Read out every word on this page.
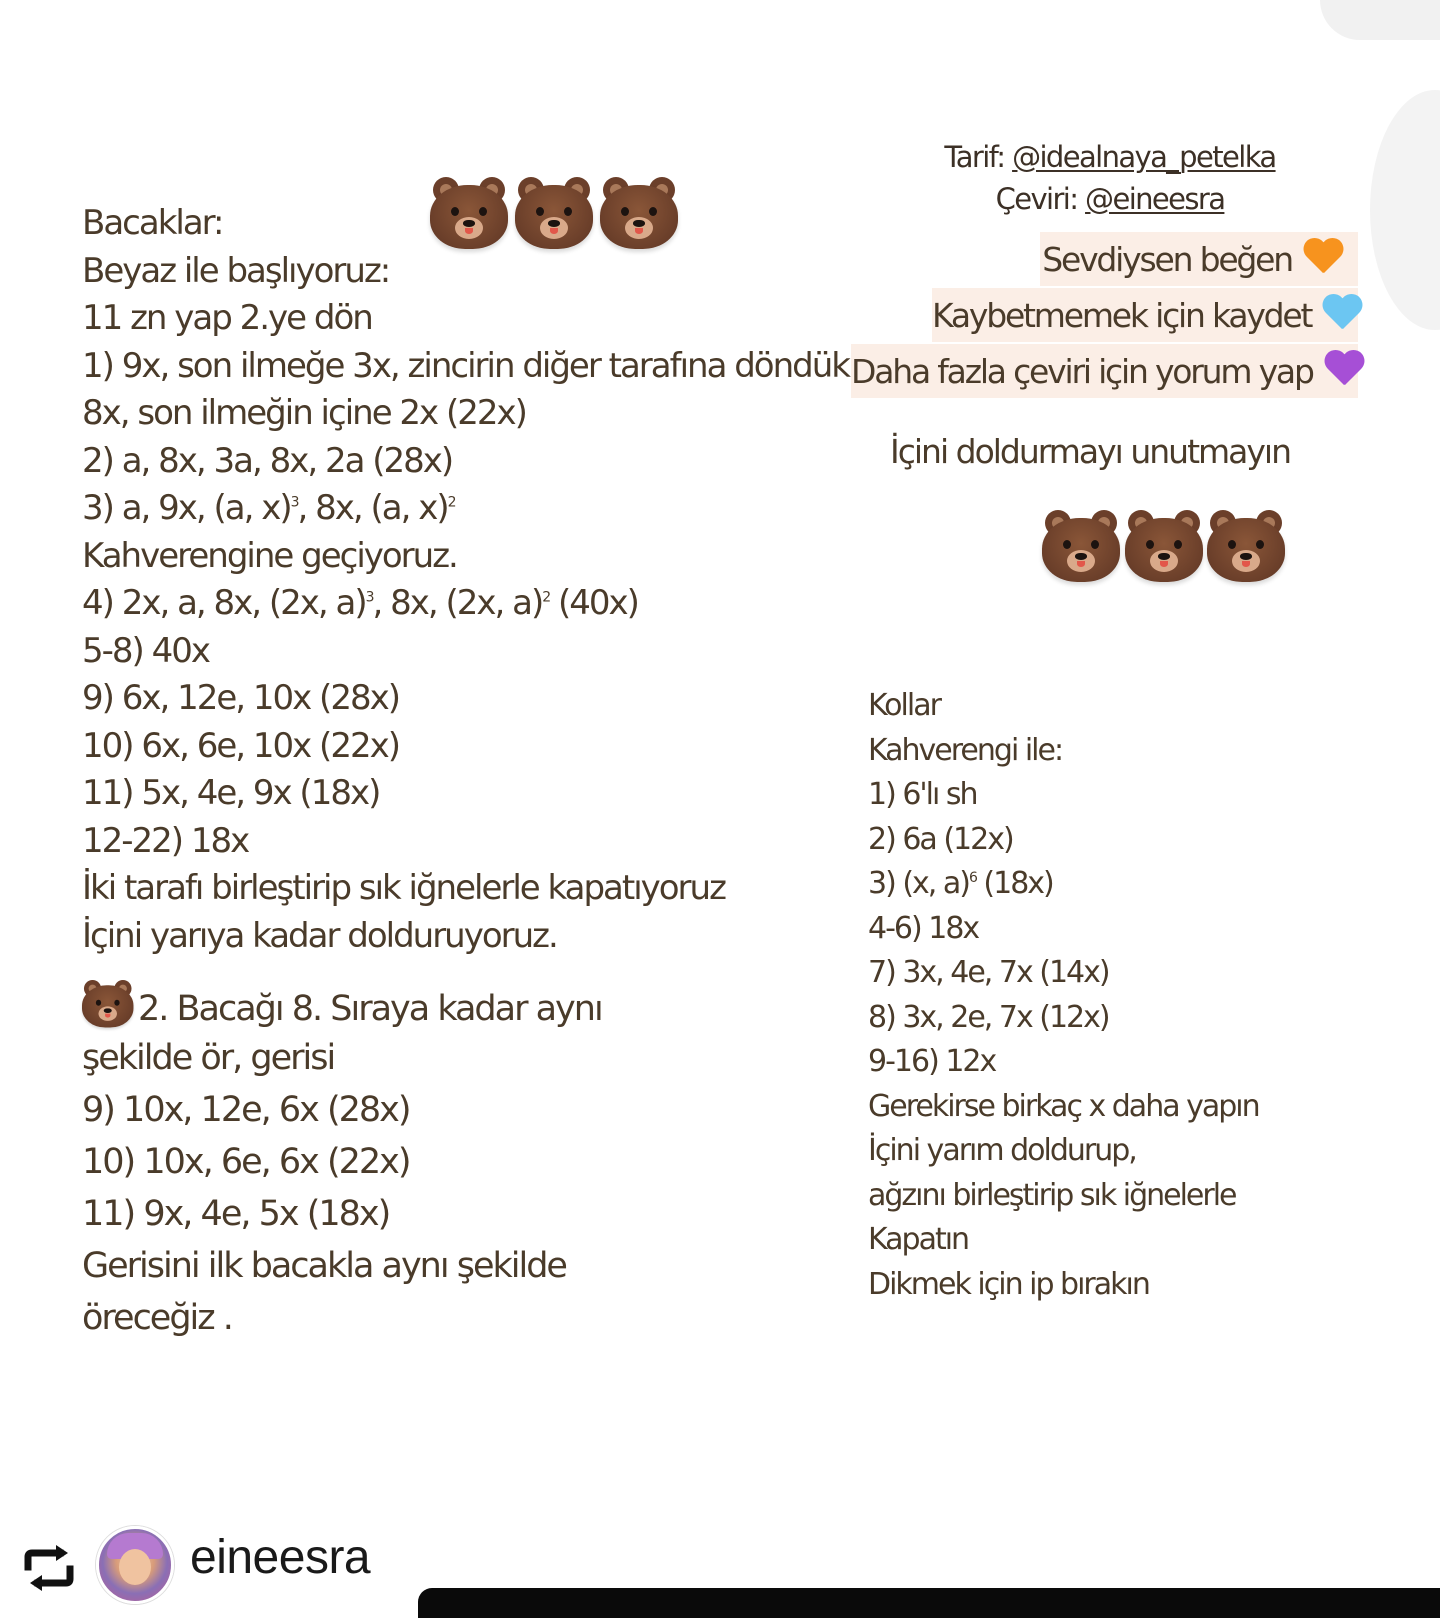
Bacaklar:
Beyaz ile başlıyoruz:
11 zn yap 2.ye dön
1) 9x, son ilmeğe 3x, zincirin diğer tarafına döndük
8x, son ilmeğin içine 2x (22x)
2) a, 8x, 3a, 8x, 2a (28x)
3) a, 9x, (a, x)$^3$, 8x, (a, x)$^2$
Kahverengine geçiyoruz.
4) 2x, a, 8x, (2x, a)$^3$, 8x, (2x, a)$^2$ (40x)
5-8) 40x
9) 6x, 12e, 10x (28x)
10) 6x, 6e, 10x (22x)
11) 5x, 4e, 9x (18x)
12-22) 18x
İki tarafı birleştirip sık iğnelerle kapatıyoruz
İçini yarıya kadar dolduruyoruz.
2. Bacağı 8. Sıraya kadar aynı
şekilde ör, gerisi
9) 10x, 12e, 6x (28x)
10) 10x, 6e, 6x (22x)
11) 9x, 4e, 5x (18x)
Gerisini ilk bacakla aynı şekilde
öreceğiz .
Tarif: @idealnaya_petelka
Çeviri: @eineesra
Sevdiysen beğen
Kaybetmemek için kaydet
Daha fazla çeviri için yorum yap
İçini doldurmayı unutmayın
Kollar
Kahverengi ile:
1) 6'lı sh
2) 6a (12x)
3) (x, a)$^6$ (18x)
4-6) 18x
7) 3x, 4e, 7x (14x)
8) 3x, 2e, 7x (12x)
9-16) 12x
Gerekirse birkaç x daha yapın
İçini yarım doldurup,
ağzını birleştirip sık iğnelerle
Kapatın
Dikmek için ip bırakın
eineesra
